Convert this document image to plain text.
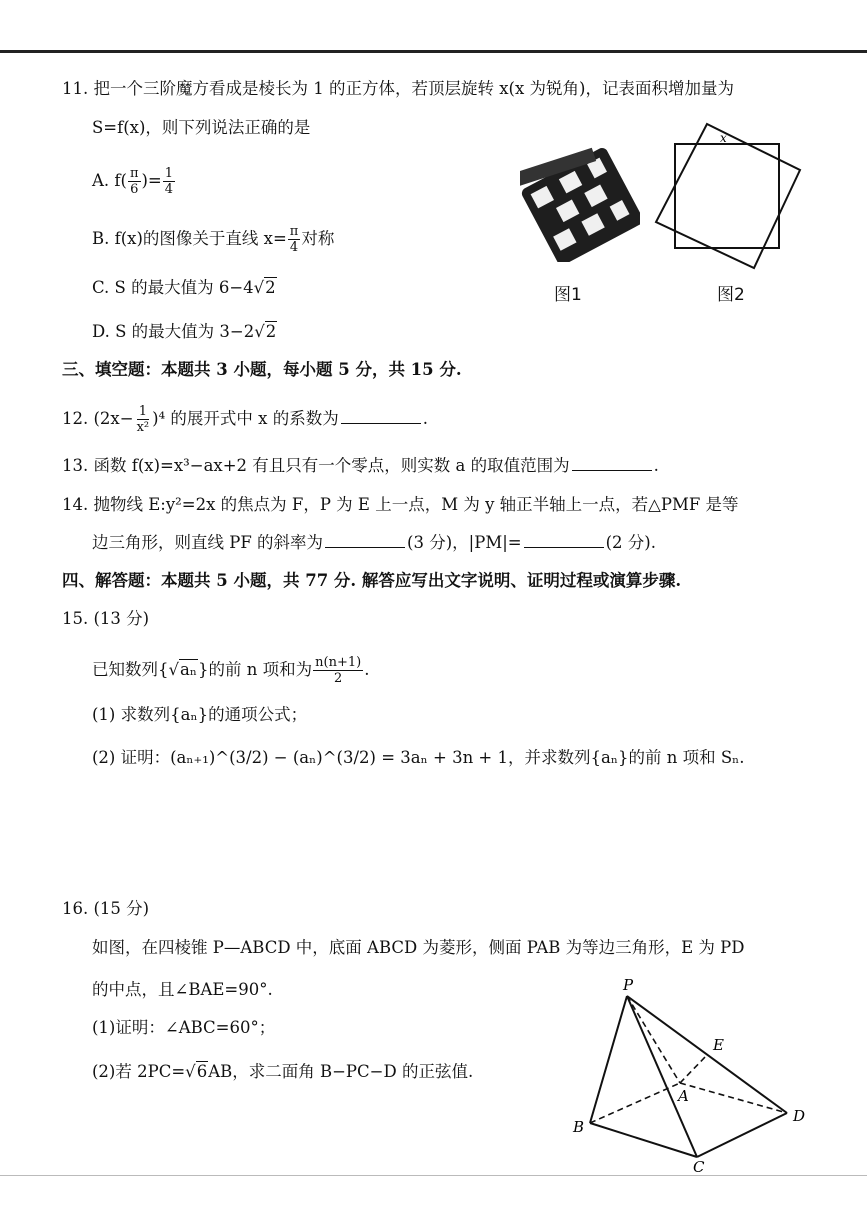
11. 把一个三阶魔方看成是棱长为 1 的正方体，若顶层旋转 x(x 为锐角)，记表面积增加量为
S=f(x)，则下列说法正确的是
A. $f( \frac{\pi}{6}$ )= $\frac{1}{4}$
B. f(x)的图像关于直线 $x= \frac{\pi}{4}$ 对称
C. S 的最大值为 6−4√2
D. S 的最大值为 3−2√2
图1
x
图2
三、填空题：本题共 3 小题，每小题 5 分，共 15 分.
12. $(2x- \frac{1}{\text{x²}} )^4$ 的展开式中 x 的系数为	.
13. 函数 f(x)=x³−ax+2 有且只有一个零点，则实数 a 的取值范围为	.
14. 抛物线 E:y²=2x 的焦点为 F，P 为 E 上一点，M 为 y 轴正半轴上一点，若△PMF 是等
边三角形，则直线 PF 的斜率为	(3 分)，|PM|=	(2 分).
四、解答题：本题共 5 小题，共 77 分. 解答应写出文字说明、证明过程或演算步骤.
15. (13 分)
已知数列{√aₙ}的前 n 项和为 $\frac{n(n+1)}{2}$ .
(1) 求数列{aₙ}的通项公式；
(2) 证明：(aₙ₊₁)^(3/2) − (aₙ)^(3/2) = 3aₙ + 3n + 1，并求数列{aₙ}的前 n 项和 Sₙ.
16. (15 分)
如图，在四棱锥 P—ABCD 中，底面 ABCD 为菱形，侧面 PAB 为等边三角形，E 为 PD
的中点，且∠BAE=90°.
(1)证明：∠ABC=60°；
(2)若 2PC=√6AB，求二面角 B−PC−D 的正弦值.
P
E
A
B
C
D
